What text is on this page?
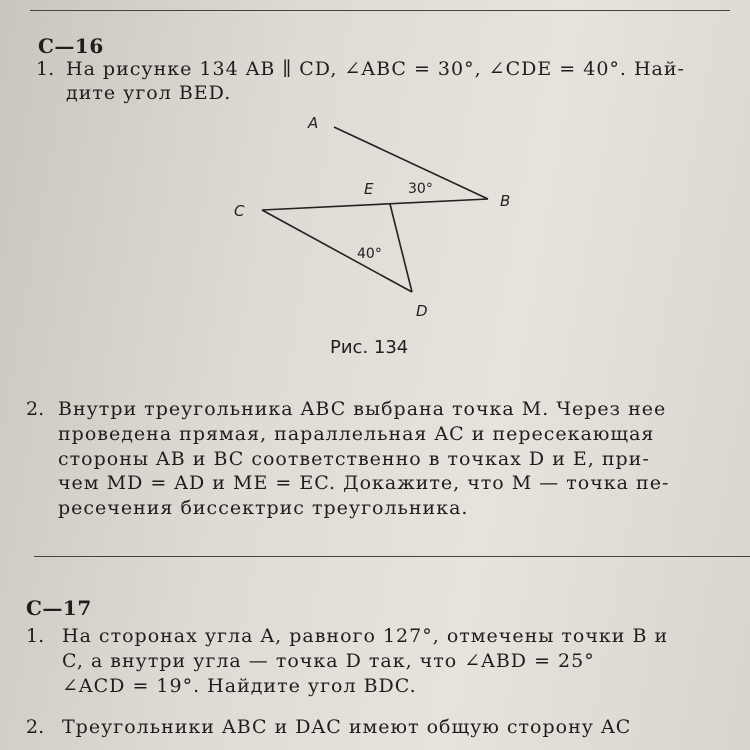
С—16
1. На рисунке 134 AB ∥ CD, ∠ABC = 30°, ∠CDE = 40°. Най-
дите угол BED.
A
B
C
D
E 30°
40°
Рис. 134
2. Внутри треугольника ABC выбрана точка M. Через нее
проведена прямая, параллельная AC и пересекающая
стороны AB и BC соответственно в точках D и E, при-
чем MD = AD и ME = EC. Докажите, что M — точка пе-
ресечения биссектрис треугольника.
С—17
1. На сторонах угла A, равного 127°, отмечены точки B и
C, а внутри угла — точка D так, что ∠ABD = 25°
∠ACD = 19°. Найдите угол BDC.
2. Треугольники ABC и DAC имеют общую сторону AC
